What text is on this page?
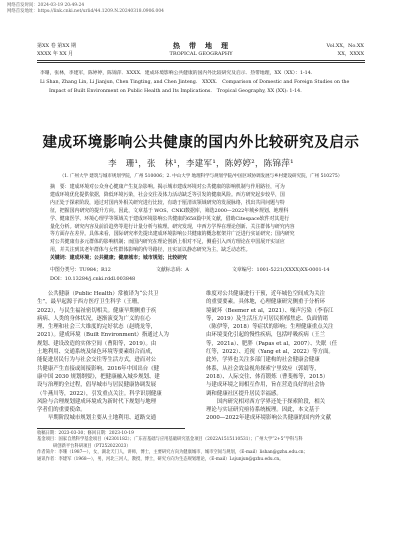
网络首发时间：2024-03-19 20:49:24
网络首发地址：https://link.cnki.net/urlid/44.1209.N.20240318.0906.004
第XX 卷 第XX 期
XXXX 年 XX 月
热　带　地　理
TROPICAL GEOGRAPHY
Vol.XX，No.XX
XX，XXXX

李珊，张林，李建军，陈婷婷，陈锦萍．XXXX．建成环境影响公共健康的国内外比较研究及启示．热带地理，XX（XX）：1-14.

Li Shan, Zhang Lin, Li Jianjun, Chen Tingting, and Chen Jinteng.　XXXX.　Comparison of Domestic and Foreign Studies on the

Impact of Built Environment on Public Health and Its Implications.　Tropical Geography, XX (XX): 1-14.

建成环境影响公共健康的国内外比较研究及启示
李　珊¹，张　林¹，李建军¹，陈婷婷²，陈锦萍¹
（1. 广州大学 建筑与城市规划学院，广州 510006；2. 中山大学 地理科学与规划学院/中国区域协调发展与乡村建设研究院，广州 510275）

摘　要：建成环境对公众身心健康产生复杂影响。揭示城市建成环境对公共健康的影响机制与作用路径，可为

建成环境优化提供依据，降低环境污染，社会交往及体力活动缺乏等引发的健康风险。西方研究起步较早，国

内正处于探索阶段，通过对国内外相关研究进行比较，有助于厘清该领域研究的发展脉络，找出共同问题与特

征，把握国内研究的提升方向。因此，文章基于 WOS、CNKI数据库，筛选2000—2022年城乡规划、地理科

学、健康医学、环境心理学等领域关于建成环境影响公共健康的658篇中英文献，借助Citespace软件对其进行

量化分析。研究内容及前沿趋势等进行计量分析与梳理。研究发现，中西方学界在理论创新、关注群体与研究内容

等方面存在差异。具体来看，国际研究率先提出建成环境影响公共健康的概念框架并广泛进行实证研究；国内研究

对公共健康有多元群体的影响机制；而国内研究在理论创新上相对不足，侧重引入西方理论在中国展开实证应

用，并关注到其老年群体与女性群体影响的传导路径，且实证以静态研究为主，缺乏动态性。

关键词：建成环境；公共健康；健康城市；城市规划；比较研究

中图分类号：TU984；R12	文献标志码：A	文章编号：1001-5221(XXXX)XX-0001-14
DOI：10.13284/j.cnki.rddl.003848

　　公共健康（Public Health）常被译为“公共卫

生”，最早起源于西方医疗卫生科学（王珊，

2022），与民生福祉密切相关。健康早期侧重于疾

病病、人类的身体状况，逐渐演变为广义的在心

理、生理和社会三大维度的完好状态（赵晓龙等，

2021）。建成环境（Built Environment）指通过人为

规划、建设改造的实体空间（曹阳等，2019）。由

土地利用、交通系统及绿色环境等要素组合而成，

能促进居民行为与社会交往等生活方式，进而对公

共健康产生直接或间接影响。2016年中国出台《健

康中国 2030 规划纲要》，把健康融入城乡规划、建

设与治理的全过程，倡导城市与居民健康协调发展

（牛燕川等，2022），引发重点关注。科学识别健康

风险与合理规划建成环境成为新时代下规划与地理

学者们的重要使命。

　　早期阶段城市规划主要从土地利用、道路交通

维度对公共健康进行干预，近年城色空间成为关注

的重要要素。具体地，心理健康研究侧重于分析环

境破坏（Beemer et al，2021）、噪声污染（李春江

等，2019）及生活压力可居民抑郁焦虑、负面情绪

（陈伊等，2018）等症状的影响；生理健康重点关注

由环境变化引起的慢性疾病，包括呼吸疾病（王兰

等，2021a）、肥胖（Papas et al，2007）、失眠（任

红等，2022）、近视（Yang et al，2022）等方面。

此外，学界也关注多部门建构的社会健康会健康

体系，从社会效益视角探索宁里效应（郭婧等，

2018）、人际交往、体育锻炼（曹斐栋等，2015）

与建成环境之间相互作用，旨在营造良好的社会协

调和健康社区提升居民幸福感。

　　国内研究相对西方学界还处于探索阶段，相关

理论与实证研究亟待系统梳理。因此，本文基于

2000—2022年建成环境影响公共健康的国内外文献

收稿日期：2023-03-30；修回日期：2023-10-19

基金项目：国家自然科学基金项目（42301182）；广东省基础与应用基础研究基金项目（2022A1515110531）；广州大学“2+5”学科与科

研创新平台科研项目（PT252022023）

作者简介：李珊（1987—），女，湖北天门人，讲师，博士，主要研究方向为健康城市、城市空间与规划，（E-mail）lishan@gzhu.edu.cn；

通讯作者：李建军（1968—），男，河北三河人，教授，博士，研究方向为生态规划理论，（E-mail）Lsjunjun@gzhu.edu.cn。
